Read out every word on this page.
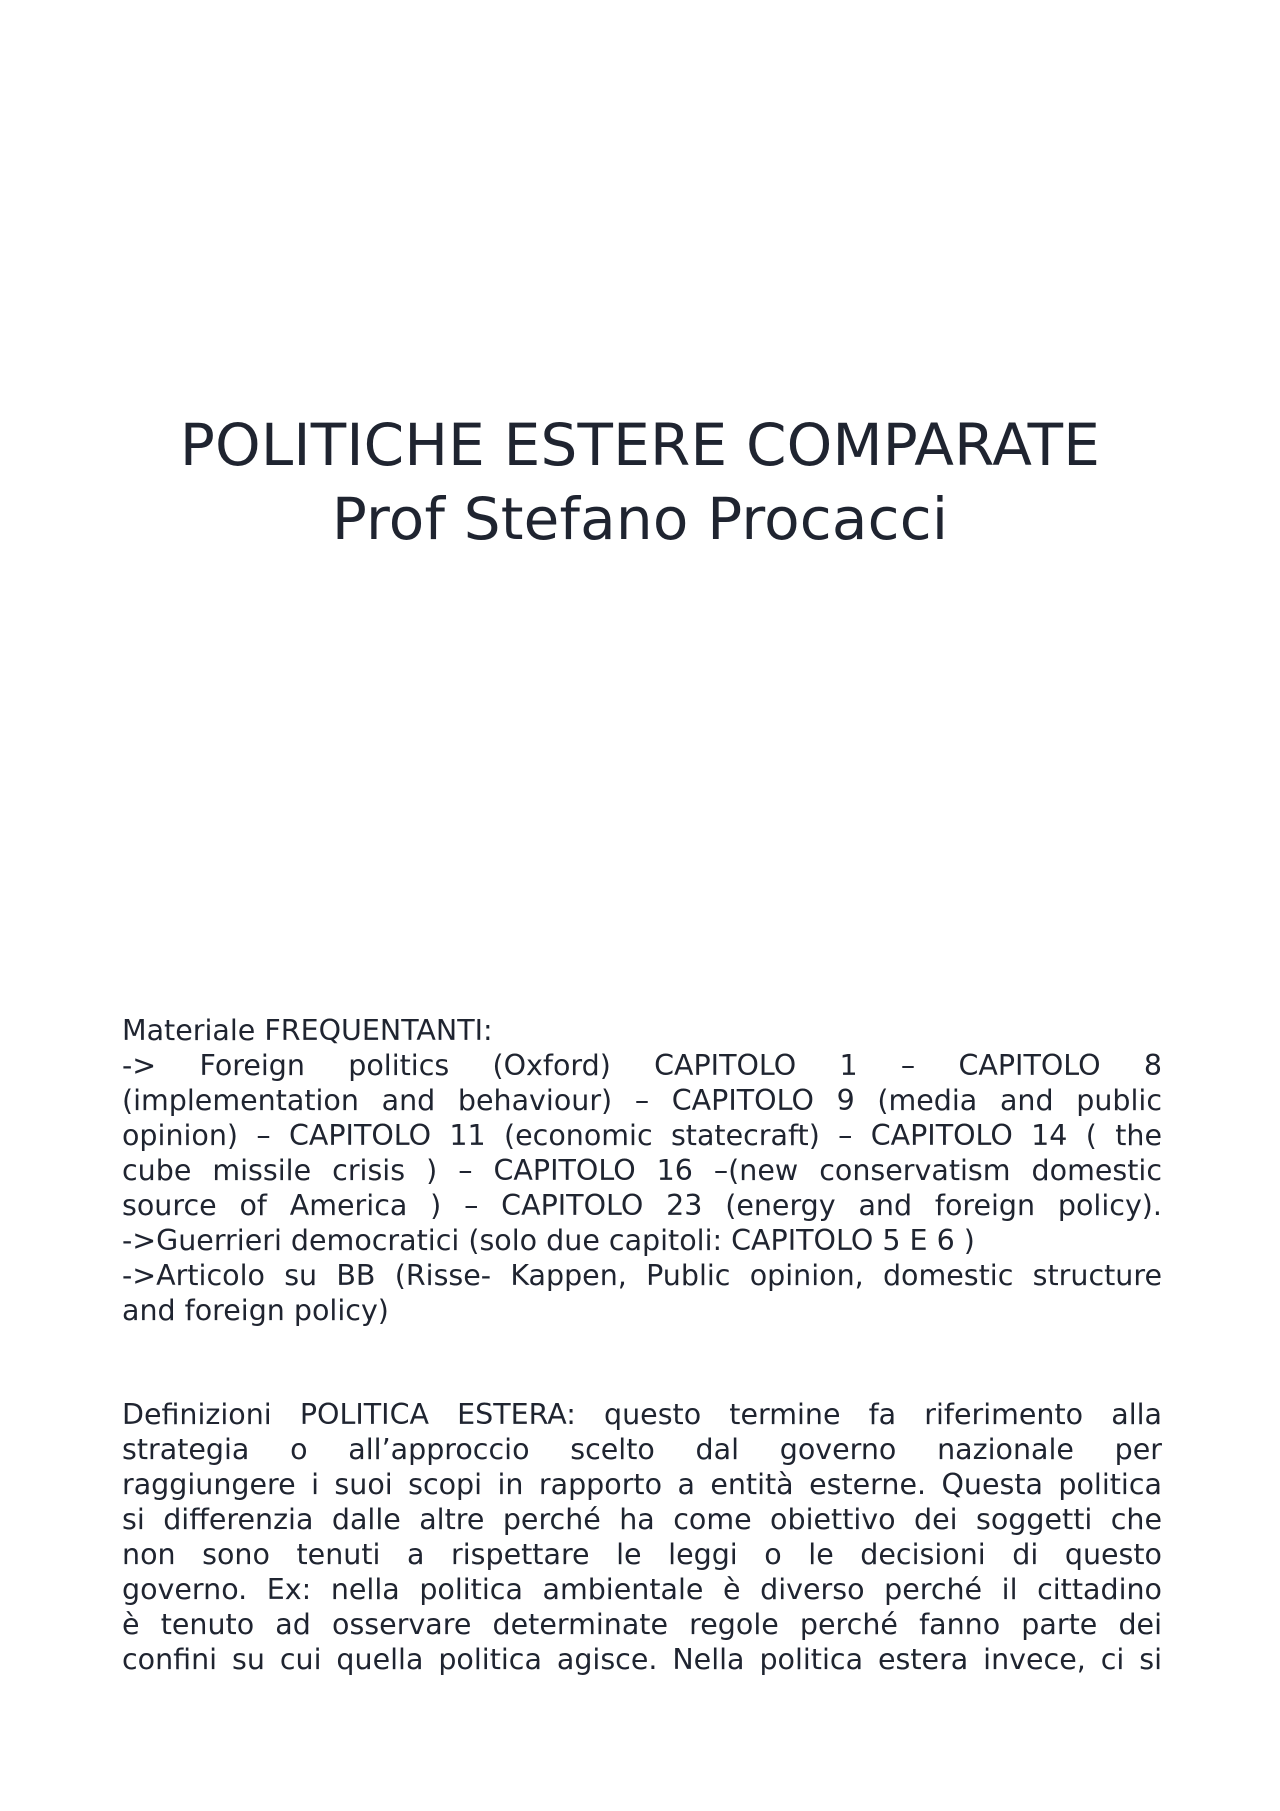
POLITICHE ESTERE COMPARATE
Prof Stefano Procacci
Materiale FREQUENTANTI:
-> Foreign politics (Oxford) CAPITOLO 1 – CAPITOLO 8
(implementation and behaviour) – CAPITOLO 9 (media and public
opinion) – CAPITOLO 11 (economic statecraft) – CAPITOLO 14 ( the
cube missile crisis ) – CAPITOLO 16 –(new conservatism domestic
source of America ) – CAPITOLO 23 (energy and foreign policy).
->Guerrieri democratici (solo due capitoli: CAPITOLO 5 E 6 )
->Articolo su BB (Risse- Kappen, Public opinion, domestic structure
and foreign policy)
Definizioni POLITICA ESTERA: questo termine fa riferimento alla
strategia o all’approccio scelto dal governo nazionale per
raggiungere i suoi scopi in rapporto a entità esterne. Questa politica
si differenzia dalle altre perché ha come obiettivo dei soggetti che
non sono tenuti a rispettare le leggi o le decisioni di questo
governo. Ex: nella politica ambientale è diverso perché il cittadino
è tenuto ad osservare determinate regole perché fanno parte dei
confini su cui quella politica agisce. Nella politica estera invece, ci si
